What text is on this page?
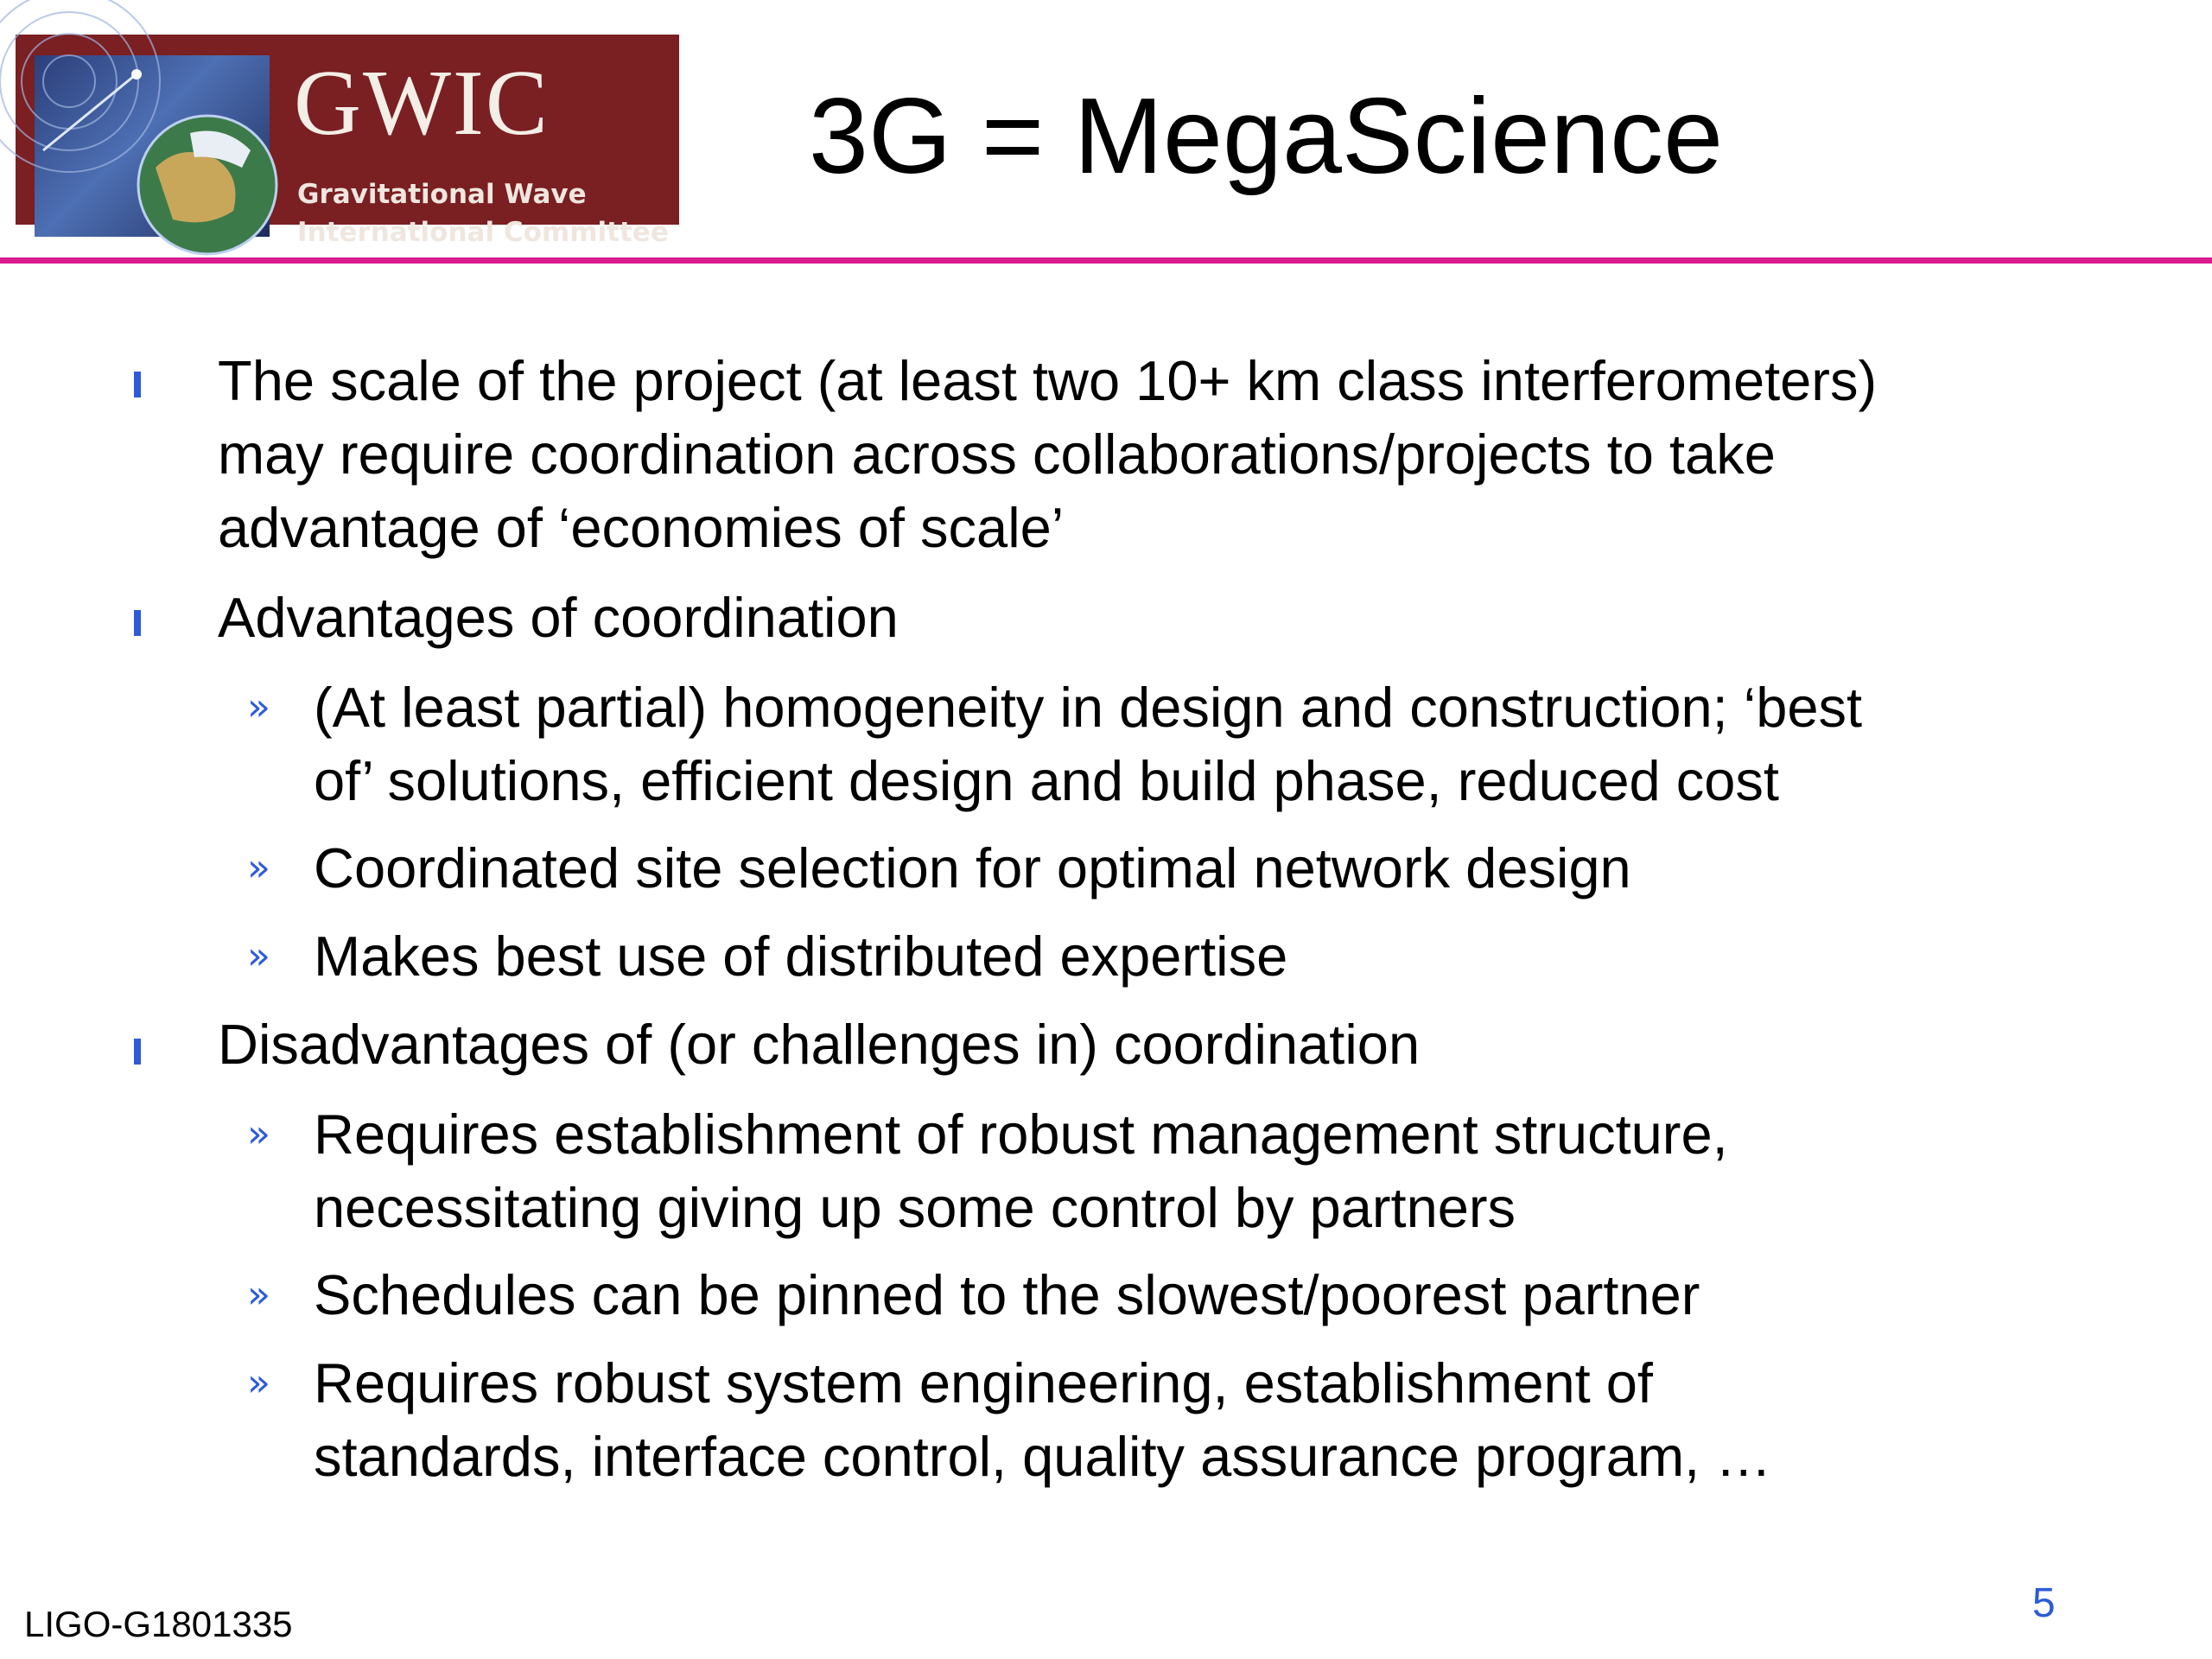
GWIC
Gravitational Wave
International Committee
3G = MegaScience
The scale of the project (at least two 10+ km class interferometers)
may require coordination across collaborations/projects to take
advantage of ‘economies of scale’
Advantages of coordination
» (At least partial) homogeneity in design and construction; ‘best
of’ solutions, efficient design and build phase, reduced cost
» Coordinated site selection for optimal network design
» Makes best use of distributed expertise
Disadvantages of (or challenges in) coordination
» Requires establishment of robust management structure,
necessitating giving up some control by partners
» Schedules can be pinned to the slowest/poorest partner
» Requires robust system engineering, establishment of
standards, interface control, quality assurance program, …
LIGO-G1801335	5
